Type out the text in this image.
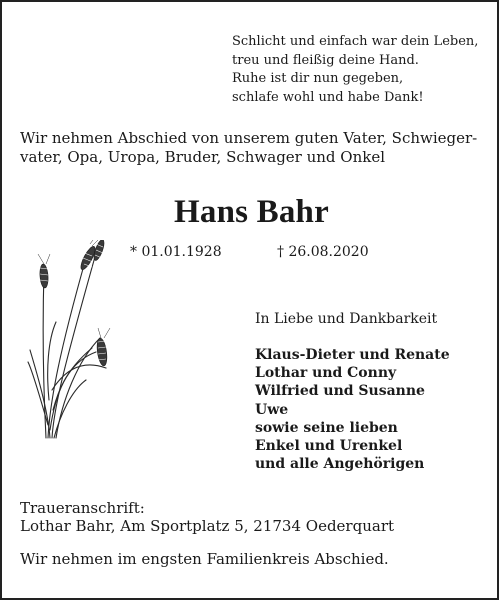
Schlicht und einfach war dein Leben,
treu und fleißig deine Hand.
Ruhe ist dir nun gegeben,
schlafe wohl und habe Dank!
Wir nehmen Abschied von unserem guten Vater, Schwieger-
vater, Opa, Uropa, Bruder, Schwager und Onkel
Hans Bahr
* 01.01.1928	† 26.08.2020
In Liebe und Dankbarkeit
Klaus-Dieter und Renate
Lothar und Conny
Wilfried und Susanne
Uwe
sowie seine lieben
Enkel und Urenkel
und alle Angehörigen
Traueranschrift:
Lothar Bahr, Am Sportplatz 5, 21734 Oederquart
Wir nehmen im engsten Familienkreis Abschied.
